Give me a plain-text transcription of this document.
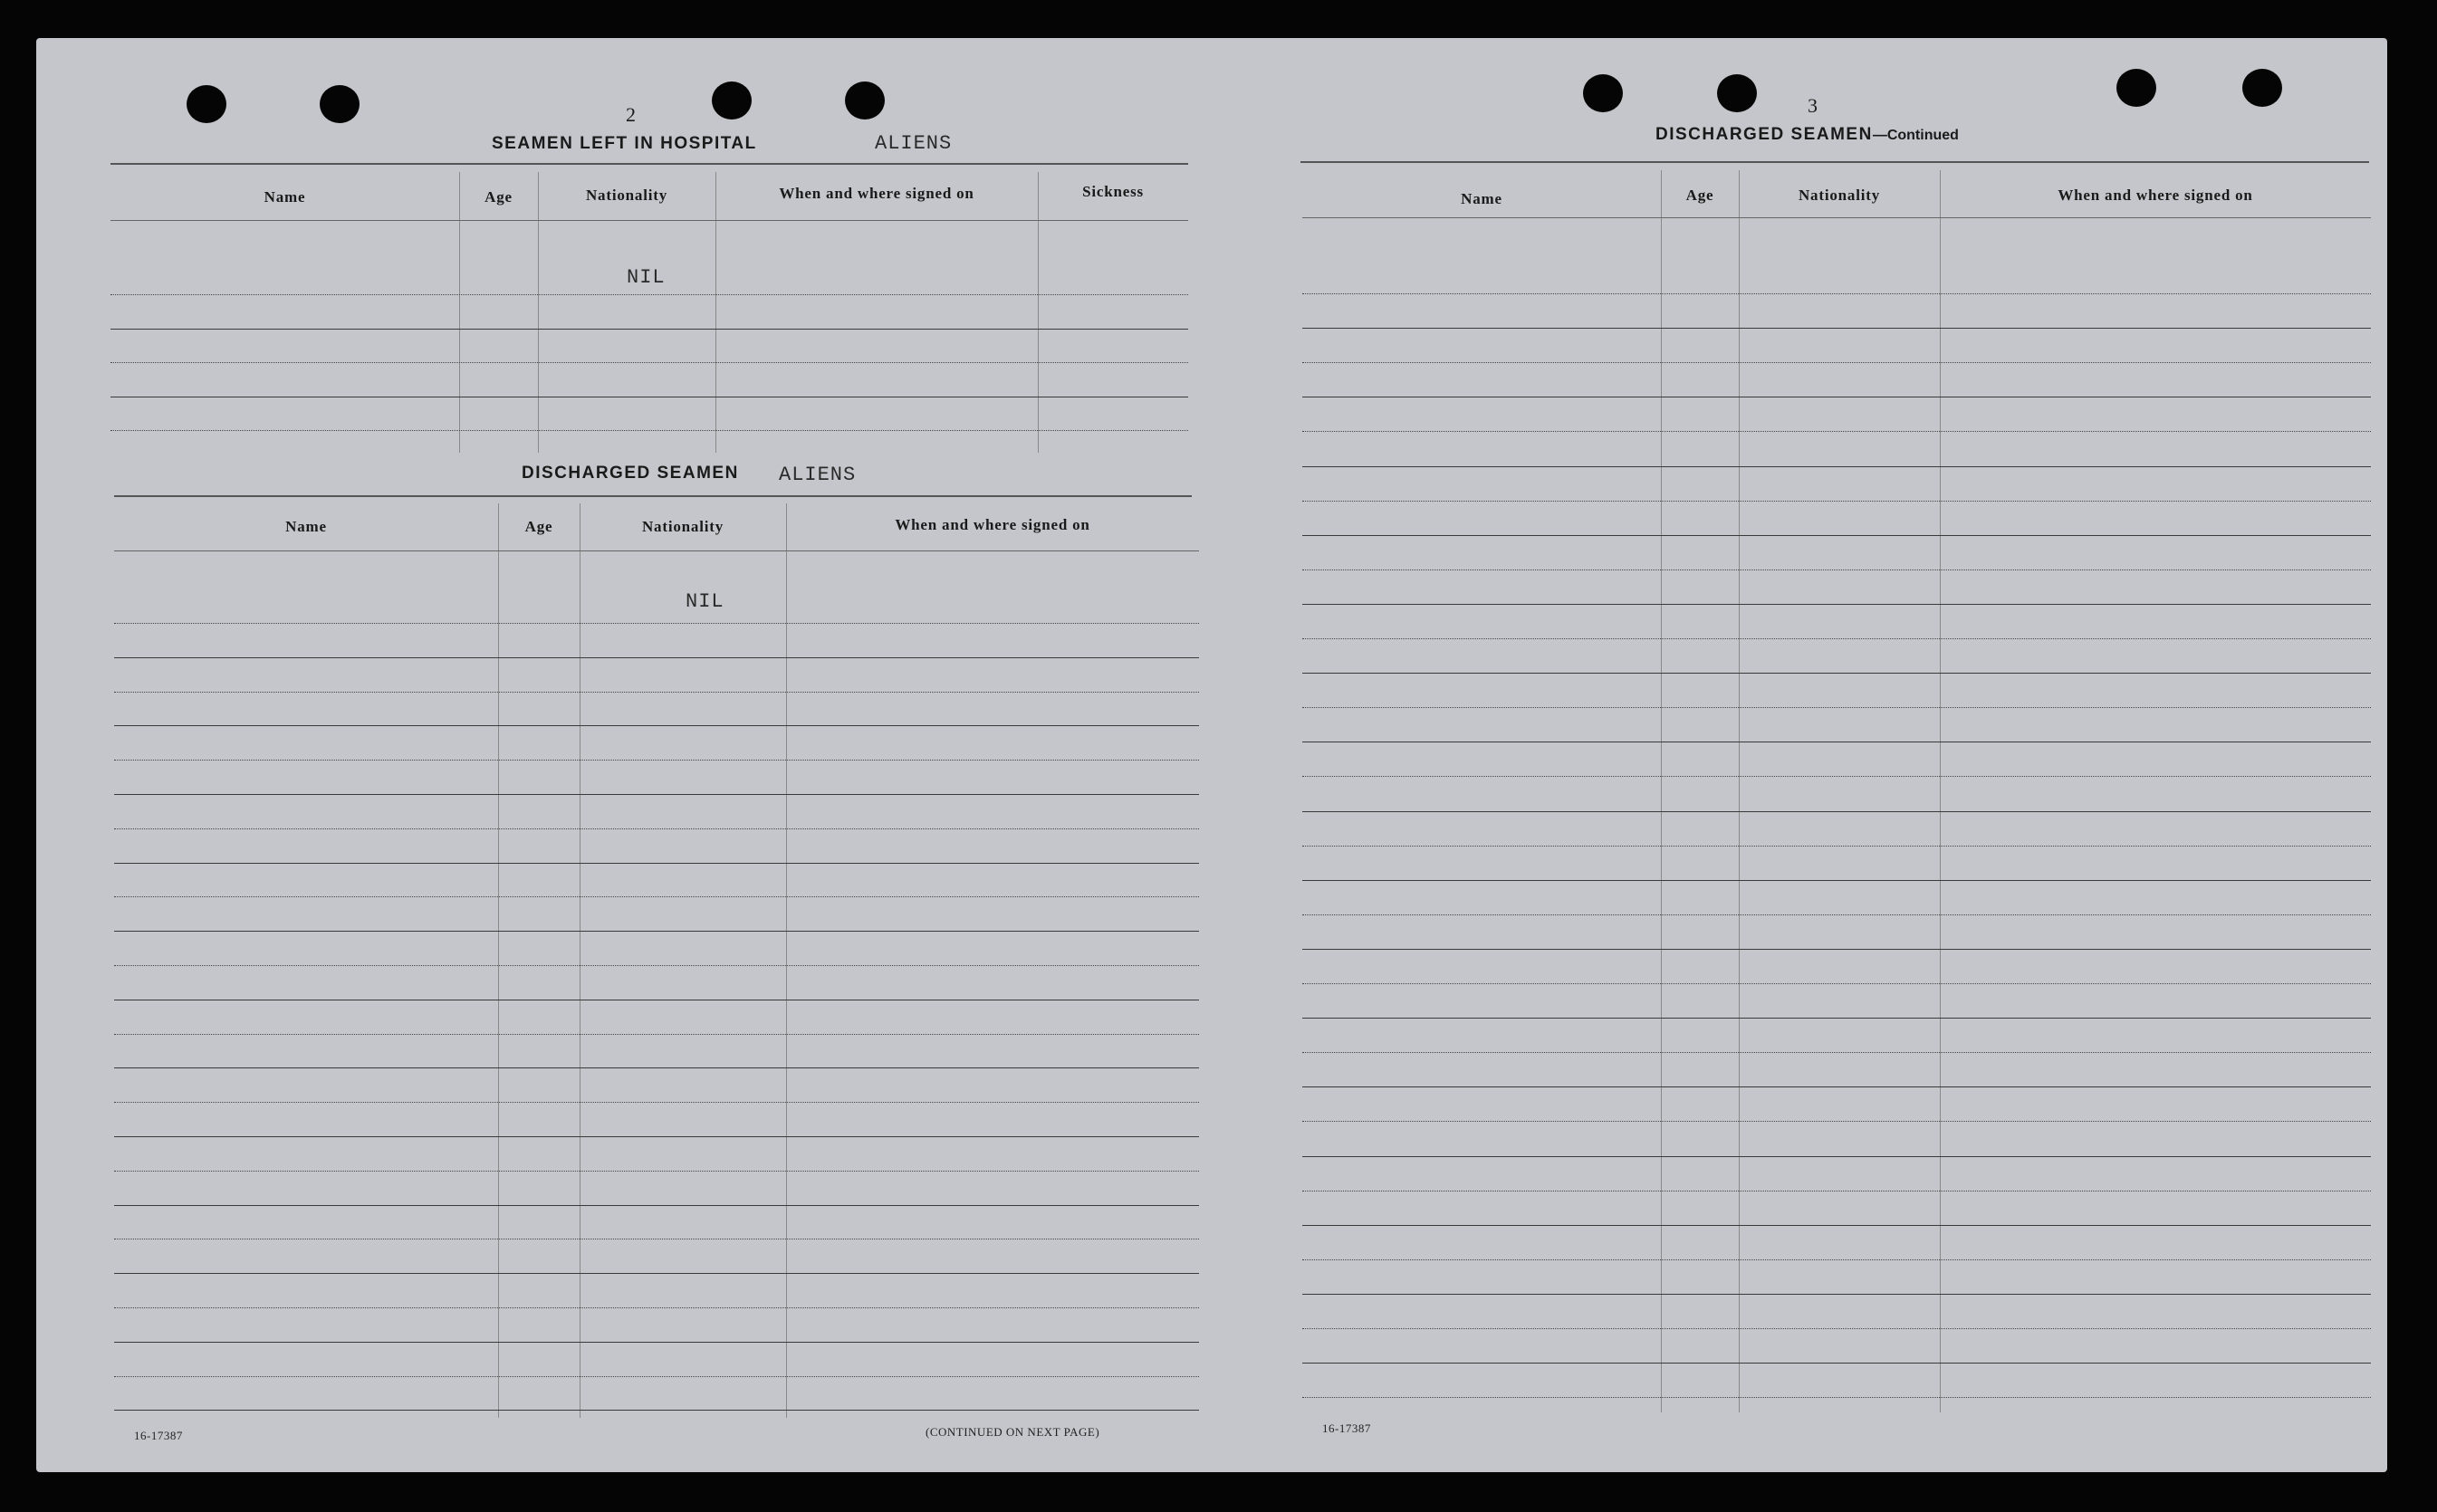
2
SEAMEN LEFT IN HOSPITAL	ALIENS
Name	Age	Nationality	When and where signed on	Sickness
NIL
DISCHARGED SEAMEN ALIENS
Name	Age	Nationality	When and where signed on
NIL
16-17387	(CONTINUED ON NEXT PAGE)
3
DISCHARGED SEAMEN—Continued
Name	Age	Nationality	When and where signed on
16-17387
